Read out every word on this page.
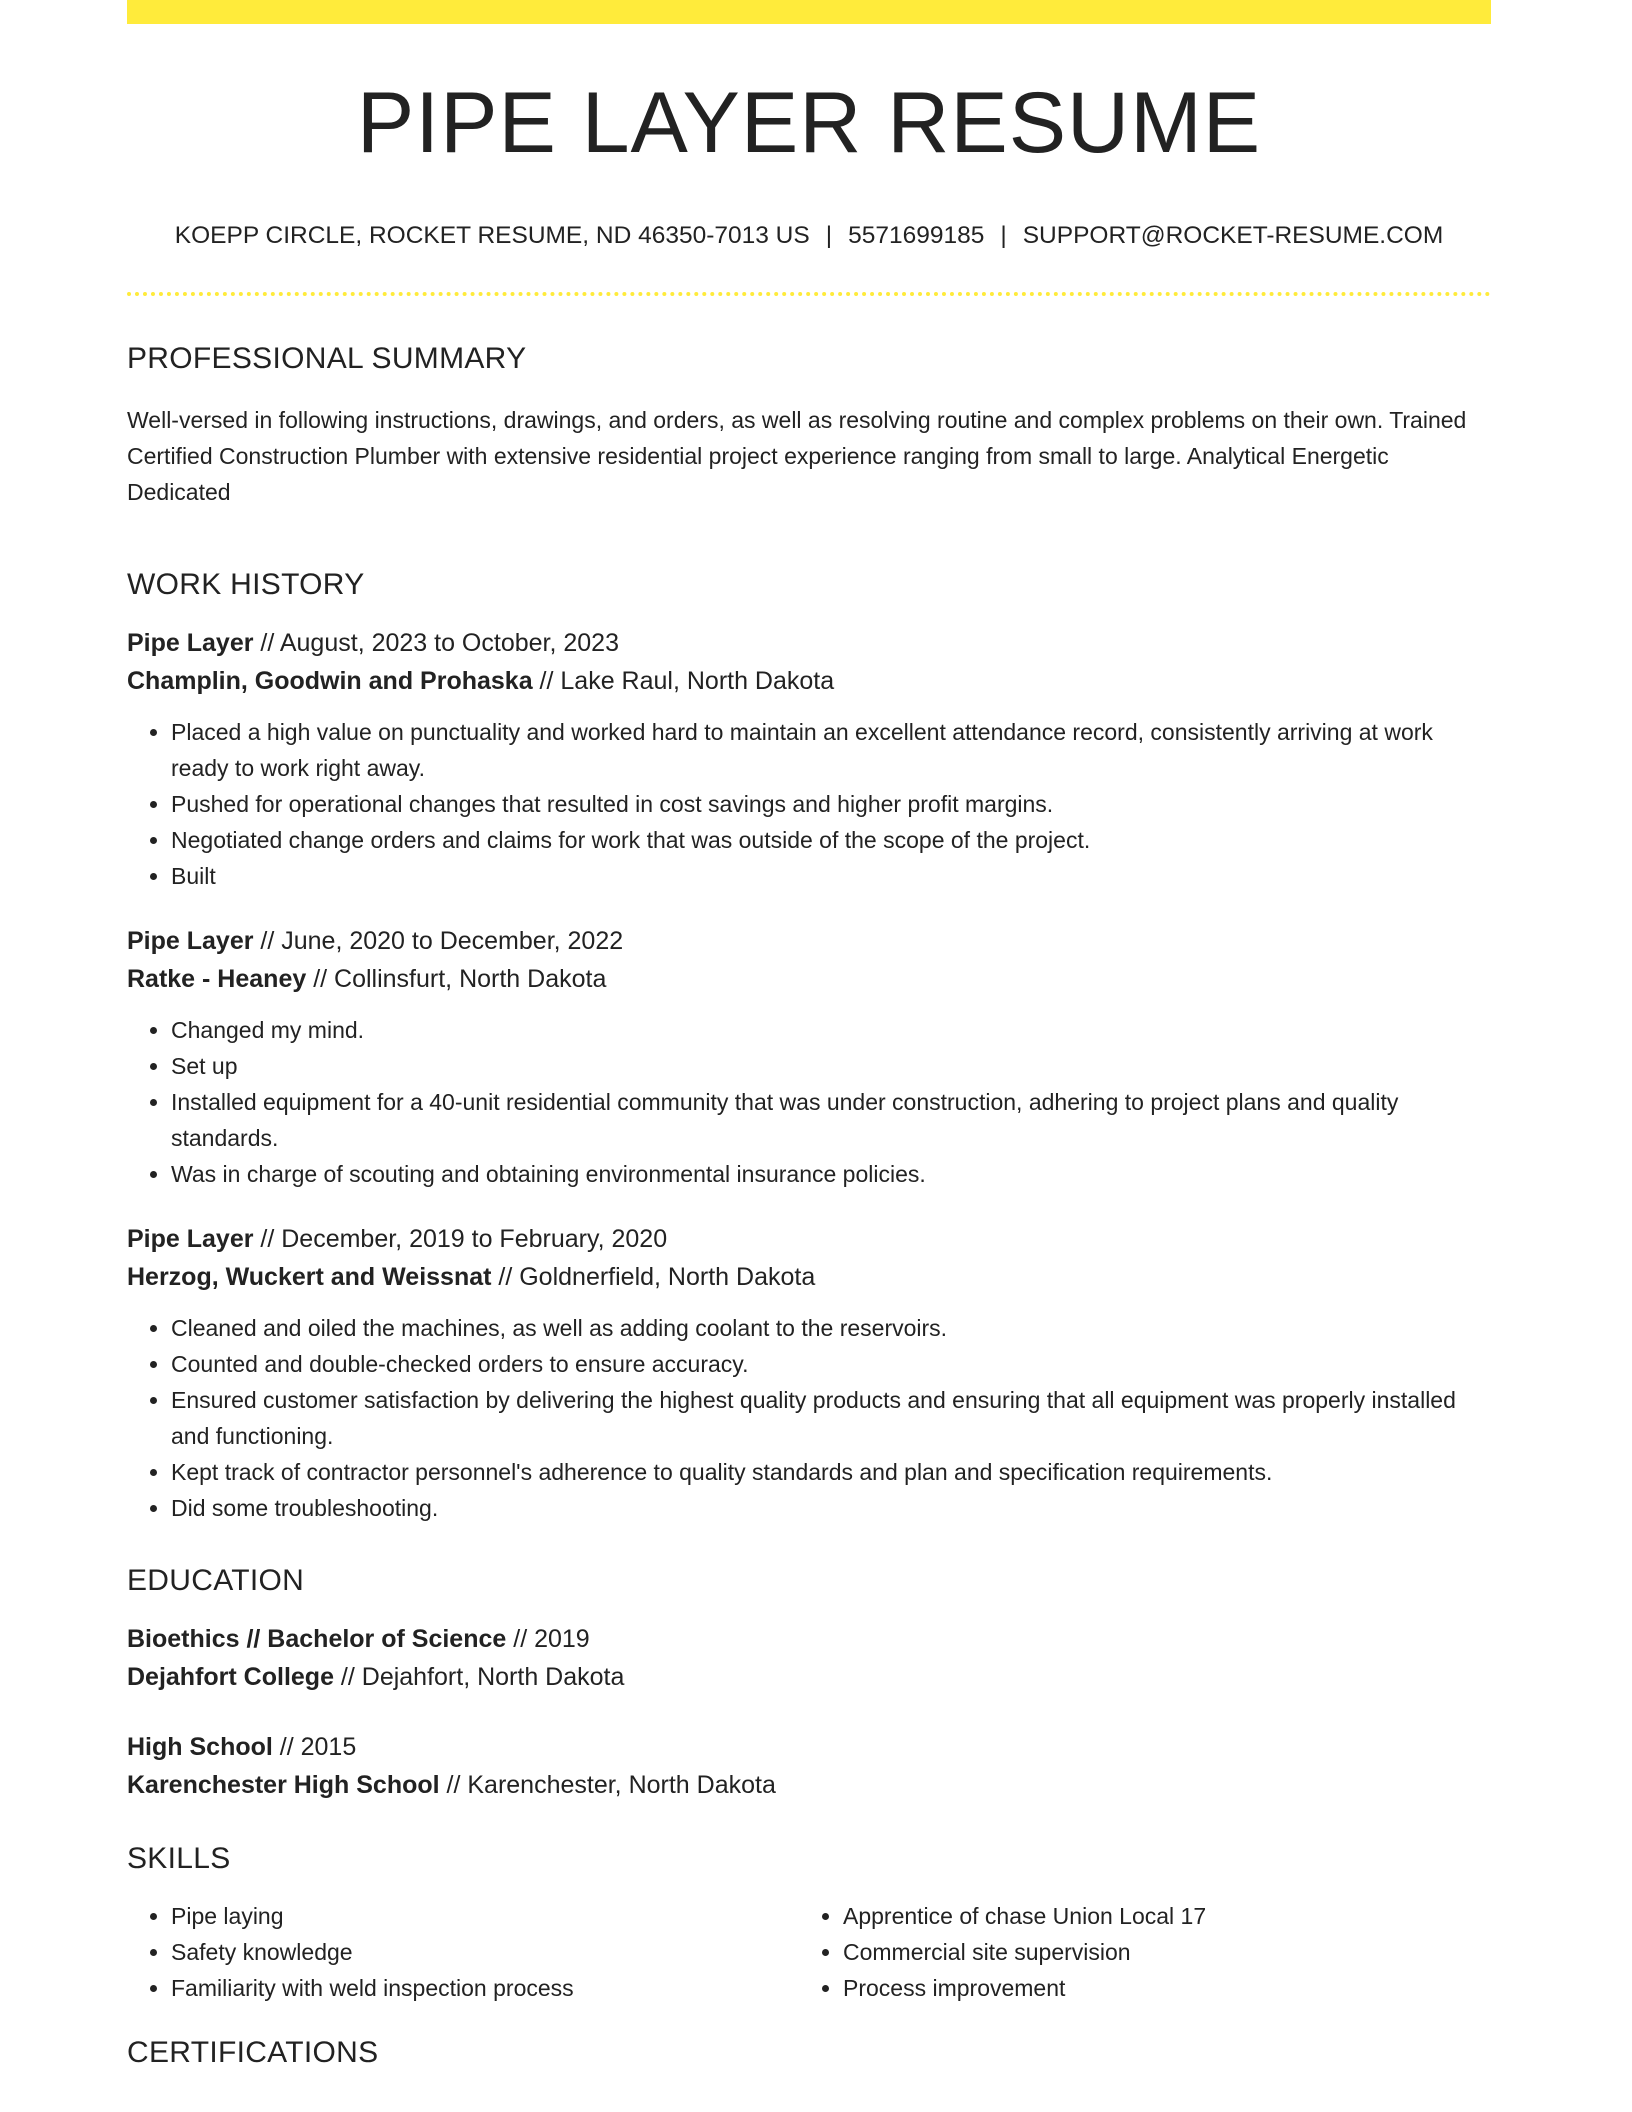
PIPE LAYER RESUME
KOEPP CIRCLE, ROCKET RESUME, ND 46350-7013 US | 5571699185 | SUPPORT@ROCKET-RESUME.COM
PROFESSIONAL SUMMARY
Well-versed in following instructions, drawings, and orders, as well as resolving routine and complex problems on their own. Trained Certified Construction Plumber with extensive residential project experience ranging from small to large. Analytical Energetic Dedicated
WORK HISTORY
Pipe Layer // August, 2023 to October, 2023
Champlin, Goodwin and Prohaska // Lake Raul, North Dakota
• Placed a high value on punctuality and worked hard to maintain an excellent attendance record, consistently arriving at work ready to work right away.
• Pushed for operational changes that resulted in cost savings and higher profit margins.
• Negotiated change orders and claims for work that was outside of the scope of the project.
• Built
Pipe Layer // June, 2020 to December, 2022
Ratke - Heaney // Collinsfurt, North Dakota
• Changed my mind.
• Set up
• Installed equipment for a 40-unit residential community that was under construction, adhering to project plans and quality standards.
• Was in charge of scouting and obtaining environmental insurance policies.
Pipe Layer // December, 2019 to February, 2020
Herzog, Wuckert and Weissnat // Goldnerfield, North Dakota
• Cleaned and oiled the machines, as well as adding coolant to the reservoirs.
• Counted and double-checked orders to ensure accuracy.
• Ensured customer satisfaction by delivering the highest quality products and ensuring that all equipment was properly installed and functioning.
• Kept track of contractor personnel's adherence to quality standards and plan and specification requirements.
• Did some troubleshooting.
EDUCATION
Bioethics // Bachelor of Science // 2019
Dejahfort College // Dejahfort, North Dakota
High School // 2015
Karenchester High School // Karenchester, North Dakota
SKILLS
• Pipe laying
• Safety knowledge
• Familiarity with weld inspection process
• Apprentice of chase Union Local 17
• Commercial site supervision
• Process improvement
CERTIFICATIONS
